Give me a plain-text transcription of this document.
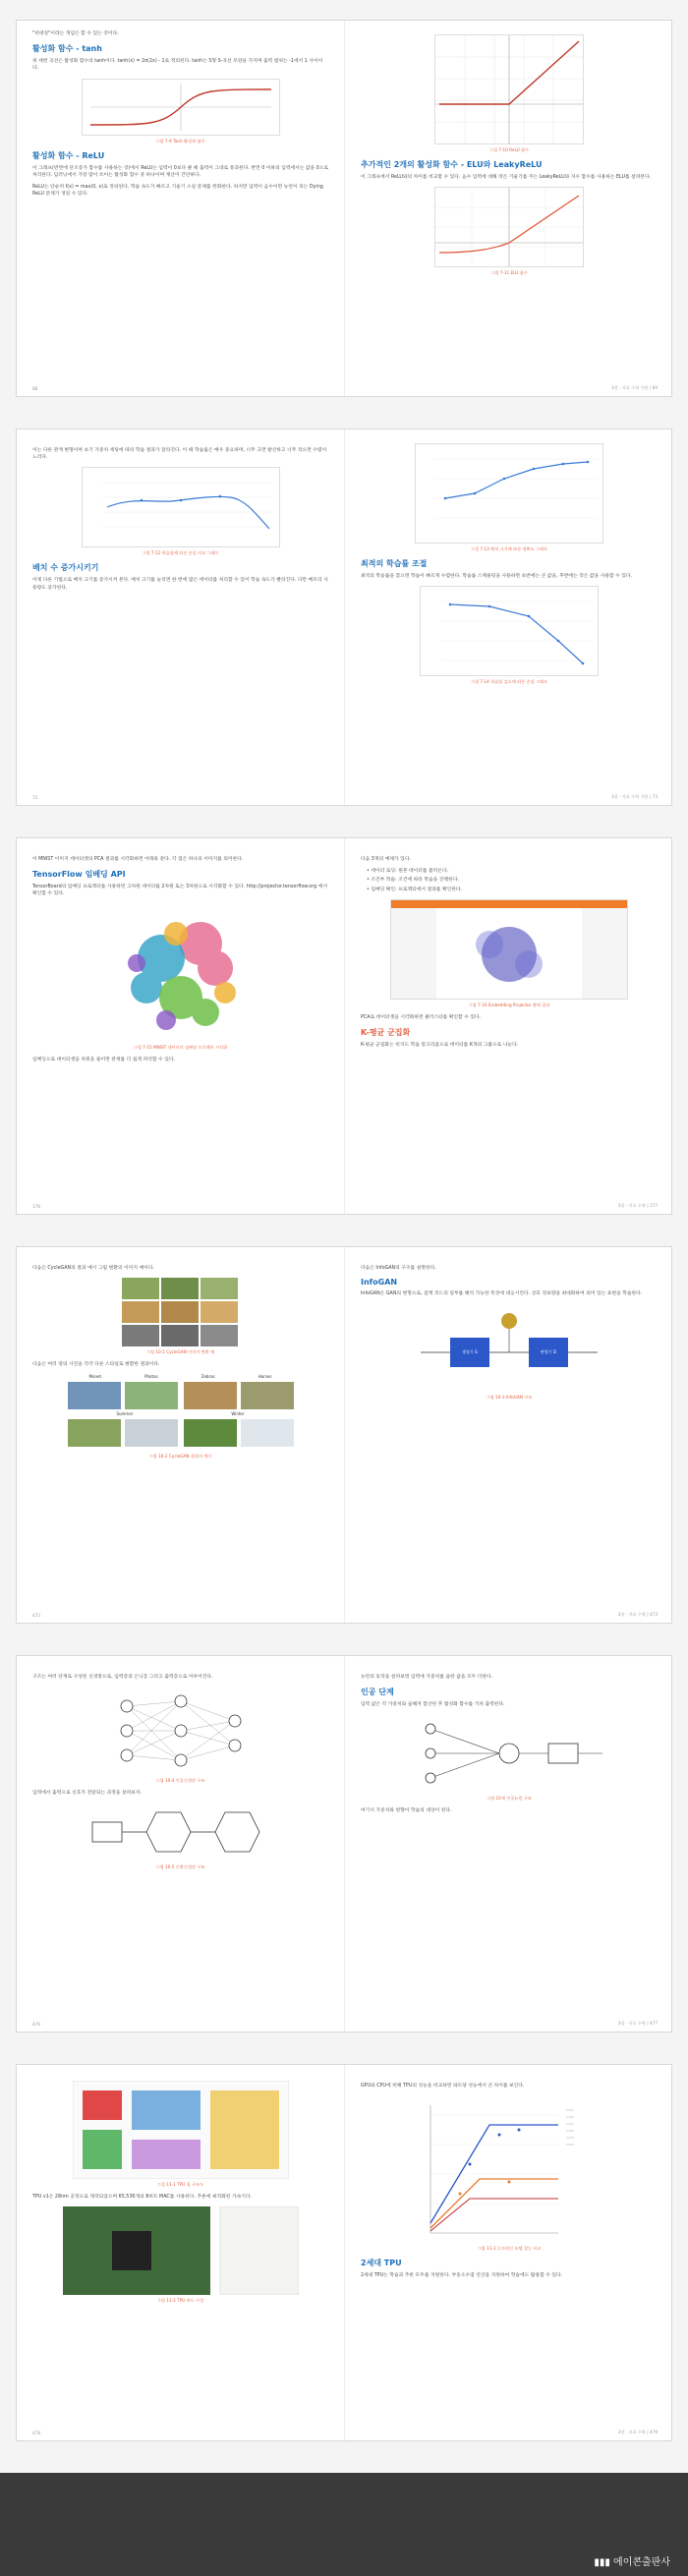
"비대칭"이라는 개념은 할 수 있는 것이다.

활성화 함수 - tanh

위 세번 곡선은 활성화 함수의 tanh이다. tanh(x) = 2σ(2x) - 1로 정의된다. tanh는 S형 S-곡선 모양을 가지며 출력 범위는 -1에서 1 사이이다.

그림 7-9 Tanh 활성화 함수
활성화 함수 - ReLU

이 그래프(반면에 단조증가 함수를 사용하는 것)에서 ReLU는 입력이 0보다 클 때 출력이 그대로 통과된다. 반면 0 이하의 입력에서는 값을 0으로 처리한다. 딥러닝에서 가장 많이 쓰이는 활성화 함수 중 하나이며 계산이 간단하다.

ReLU는 단순히 f(x) = max(0, x)로 정의된다. 학습 속도가 빠르고 기울기 소실 문제를 완화한다. 하지만 입력이 음수이면 뉴런이 죽는 Dying ReLU 문제가 생길 수 있다.

68
그림 7-10 ReLU 함수
추가적인 2개의 활성화 함수 - ELU와 LeakyReLU

이 그래프에서 ReLU와의 차이를 비교할 수 있다. 음수 입력에 대해 작은 기울기를 주는 LeakyReLU와 지수 함수를 사용하는 ELU를 살펴본다.

그림 7-11 ELU 함수
3장 · 자료 수학 기본 | 69

이는 다른 관계 변형이며 초기 가중치 세팅에 따라 학습 결과가 달라진다. 이 때 학습률은 매우 중요하며, 너무 크면 발산하고 너무 작으면 수렴이 느리다.

그림 7-12 학습률에 따른 손실 비교 그래프
배치 수 증가시키기

이제 다른 기법으로 배치 크기를 증가시켜 본다. 배치 크기를 늘리면 한 번에 많은 데이터를 처리할 수 있어 학습 속도가 빨라진다. 다만 메모리 사용량도 증가한다.

72
그림 7-13 배치 크기에 따른 정확도 그래프
최적의 학습률 조절

최적의 학습률을 찾으면 학습이 빠르게 수렴한다. 학습률 스케줄링을 사용하면 초반에는 큰 값을, 후반에는 작은 값을 사용할 수 있다.

그림 7-14 학습률 감소에 따른 손실 그래프
3장 · 자료 수학 기본 | 73

이 MNIST 이미지 데이터셋의 PCA 결과를 시각화하면 아래와 같다. 각 점은 하나의 이미지를 의미한다.

TensorFlow 임베딩 API

TensorBoard의 임베딩 프로젝터를 사용하면 고차원 데이터를 2차원 또는 3차원으로 시각화할 수 있다. http://projector.tensorflow.org 에서 확인할 수 있다.

그림 7-15 MNIST 데이터의 임베딩 프로젝터 시각화

임베딩으로 데이터셋을 차원을 줄이면 관계를 더 쉽게 파악할 수 있다.

176

다음 3개의 예제가 있다.

• 데이터 로딩: 원본 데이터를 불러온다.
• 조건부 학습: 조건에 따라 학습을 진행한다.
• 임베딩 확인: 프로젝터에서 결과를 확인한다.
그림 7-16 Embedding Projector 출력 결과

PCA로 데이터셋을 시각화하면 클러스터를 확인할 수 있다.

K-평균 군집화

K-평균 군집화는 비지도 학습 알고리즘으로 데이터를 K개의 그룹으로 나눈다.

3장 · 자료 수학 | 177

다음은 CycleGAN의 결과 예시 그림 변환의 이미지 예이다.

그림 10-1 CycleGAN 이미지 변환 예

다음은 여러 장의 사진을 각각 다른 스타일로 변환한 결과이다.

Monet	Photos	Zebras	Horses
Summer	Winter
그림 10-2 CycleGAN 결과의 예시
472

다음은 InfoGAN의 구조를 설명한다.

InfoGAN

InfoGAN은 GAN의 변형으로, 잠재 코드의 일부를 해석 가능한 특징에 대응시킨다. 상호 정보량을 최대화하여 의미 있는 표현을 학습한다.

생성기 G	판별기 D
그림 10-3 InfoGAN 구조
3장 · 자료 수학 | 473

구조는 여러 단계로 구성된 신경망으로, 입력층과 은닉층 그리고 출력층으로 이루어진다.

그림 10-4 인공신경망 구조

입력에서 출력으로 신호가 전달되는 과정을 살펴보자.

그림 10-5 순환신경망 구조
476

뉴런의 동작을 살펴보면 입력에 가중치를 곱한 값을 모두 더한다.

인공 단계

입력 값은 각 가중치와 곱해져 합산된 후 활성화 함수를 거쳐 출력된다.

그림 10-6 인공뉴런 구조

여기서 가중치와 편향이 학습의 대상이 된다.

3장 · 자료 수학 | 477
그림 11-1 TPU 칩 구조도

TPU v1은 28nm 공정으로 제작되었으며 65,536개의 8비트 MAC를 사용한다. 추론에 최적화된 가속기다.

그림 11-2 TPU 보드 구성
478

GPU와 CPU에 비해 TPU의 성능을 비교하면 와트당 성능에서 큰 차이를 보인다.

그림 11-3 루프라인 모델 성능 비교
2세대 TPU

2세대 TPU는 학습과 추론 모두를 지원한다. 부동소수점 연산을 지원하여 학습에도 활용할 수 있다.

3장 · 자료 수학 | 479
▮▮▮ 에이콘출판사
